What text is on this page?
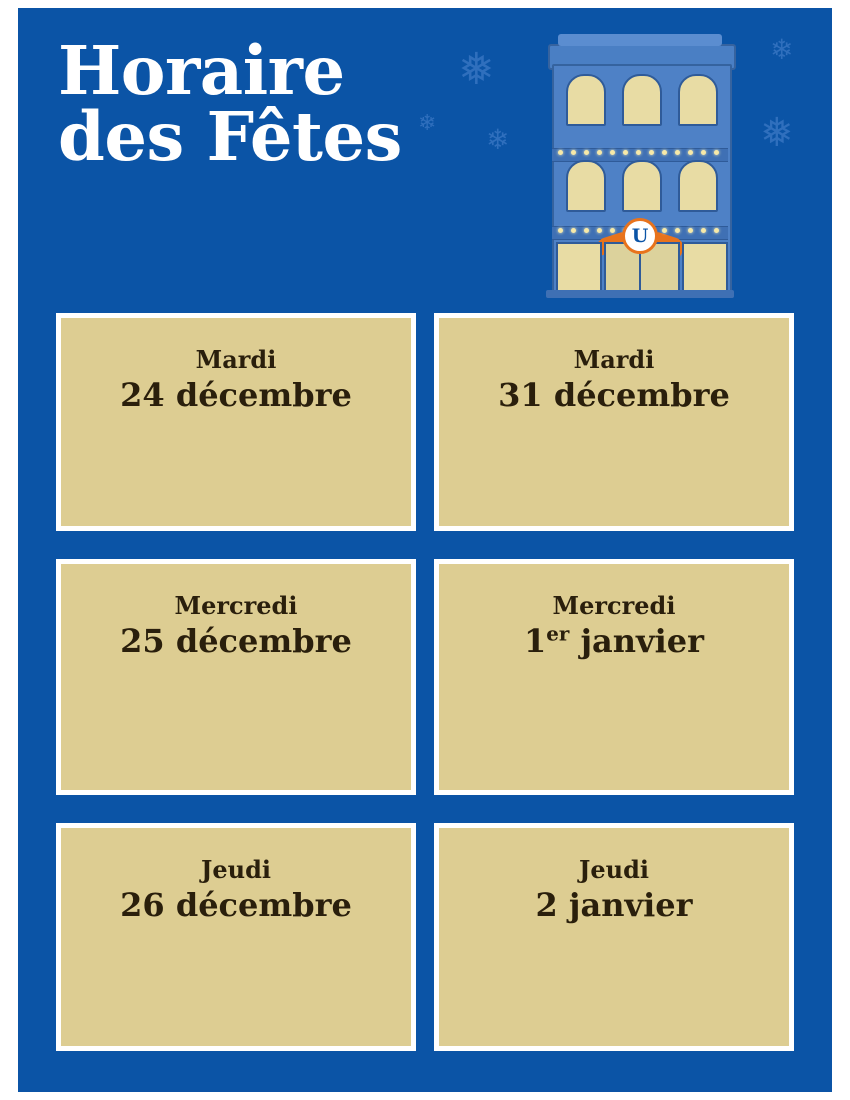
Horaire
des Fêtes
❅
❄ ❄
❄
❅
U
Mardi
24 décembre
Mardi
31 décembre
Mercredi
25 décembre
Mercredi
1er janvier
Jeudi
26 décembre
Jeudi
2 janvier
